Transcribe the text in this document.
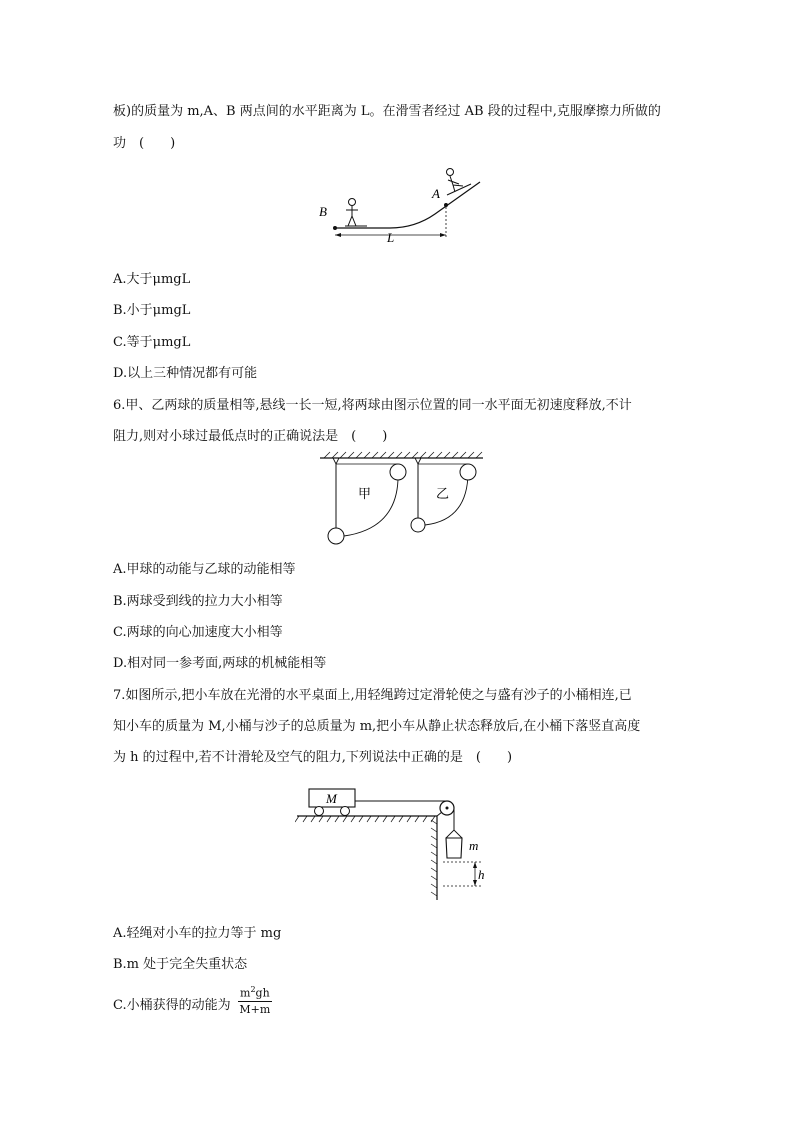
板)的质量为 m,A、B 两点间的水平距离为 L。在滑雪者经过 AB 段的过程中,克服摩擦力所做的
功　(　　)
B
A
L
A.大于μmgL
B.小于μmgL
C.等于μmgL
D.以上三种情况都有可能
6.甲、乙两球的质量相等,悬线一长一短,将两球由图示位置的同一水平面无初速度释放,不计
阻力,则对小球过最低点时的正确说法是　(　　)
甲	乙
A.甲球的动能与乙球的动能相等
B.两球受到线的拉力大小相等
C.两球的向心加速度大小相等
D.相对同一参考面,两球的机械能相等
7.如图所示,把小车放在光滑的水平桌面上,用轻绳跨过定滑轮使之与盛有沙子的小桶相连,已
知小车的质量为 M,小桶与沙子的总质量为 m,把小车从静止状态释放后,在小桶下落竖直高度
为 h 的过程中,若不计滑轮及空气的阻力,下列说法中正确的是　(　　)
M
m
h
A.轻绳对小车的拉力等于 mg
B.m 处于完全失重状态
C.小桶获得的动能为 $\frac{m^2gh}{M+m}$
